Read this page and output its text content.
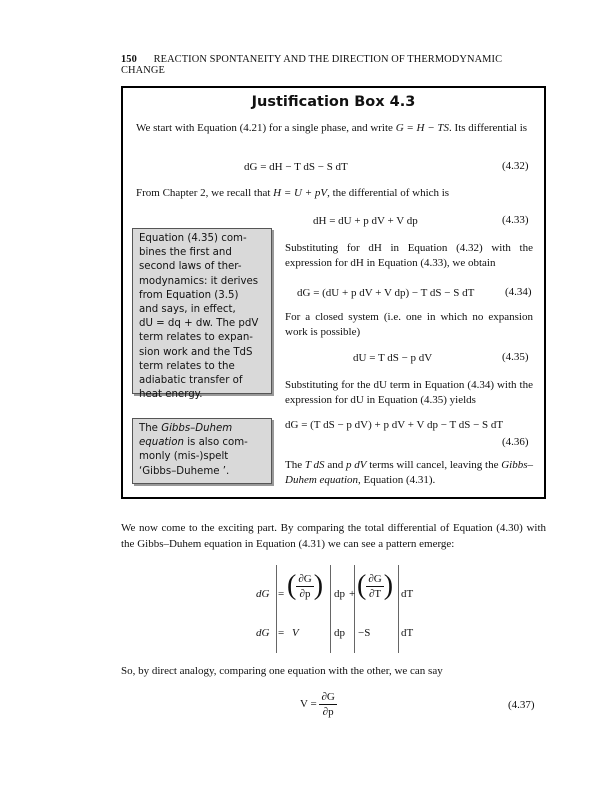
150 REACTION SPONTANEITY AND THE DIRECTION OF THERMODYNAMIC CHANGE
Justification Box 4.3
We start with Equation (4.21) for a single phase, and write G = H − TS. Its differential is
dG = dH − T dS − S dT	(4.32)
From Chapter 2, we recall that H = U + pV, the differential of which is
dH = dU + p dV + V dp	(4.33)
Substituting for dH in Equation (4.32) with the expression for dH in Equation (4.33), we obtain
dG = (dU + p dV + V dp) − T dS − S dT	(4.34)
For a closed system (i.e. one in which no expansion work is possible)
dU = T dS − p dV	(4.35)
Substituting for the dU term in Equation (4.34) with the expression for dU in Equation (4.35) yields
dG = (T dS − p dV) + p dV + V dp − T dS − S dT
(4.36)
The T dS and p dV terms will cancel, leaving the Gibbs–Duhem equation, Equation (4.31).

Equation (4.35) com-

bines the first and

second laws of ther-

modynamics: it derives

from Equation (3.5)

and says, in effect,

dU = dq + dw. The pdV

term relates to expan-

sion work and the TdS

term relates to the

adiabatic transfer of

heat energy.

The Gibbs–Duhem

equation is also com-

monly (mis-)spelt

‘Gibbs–Duheme ’.

We now come to the exciting part. By comparing the total differential of Equation (4.30) with the Gibbs–Duhem equation in Equation (4.31) we can see a pattern emerge:
dG = ( $\frac{\partial G}{\partial p}$ ) dp + ( $\frac{\partial G}{\partial T}$ ) dT
dG = V	dp −S	dT
So, by direct analogy, comparing one equation with the other, we can say
$V = \frac{\partial G}{\partial p}$	(4.37)
